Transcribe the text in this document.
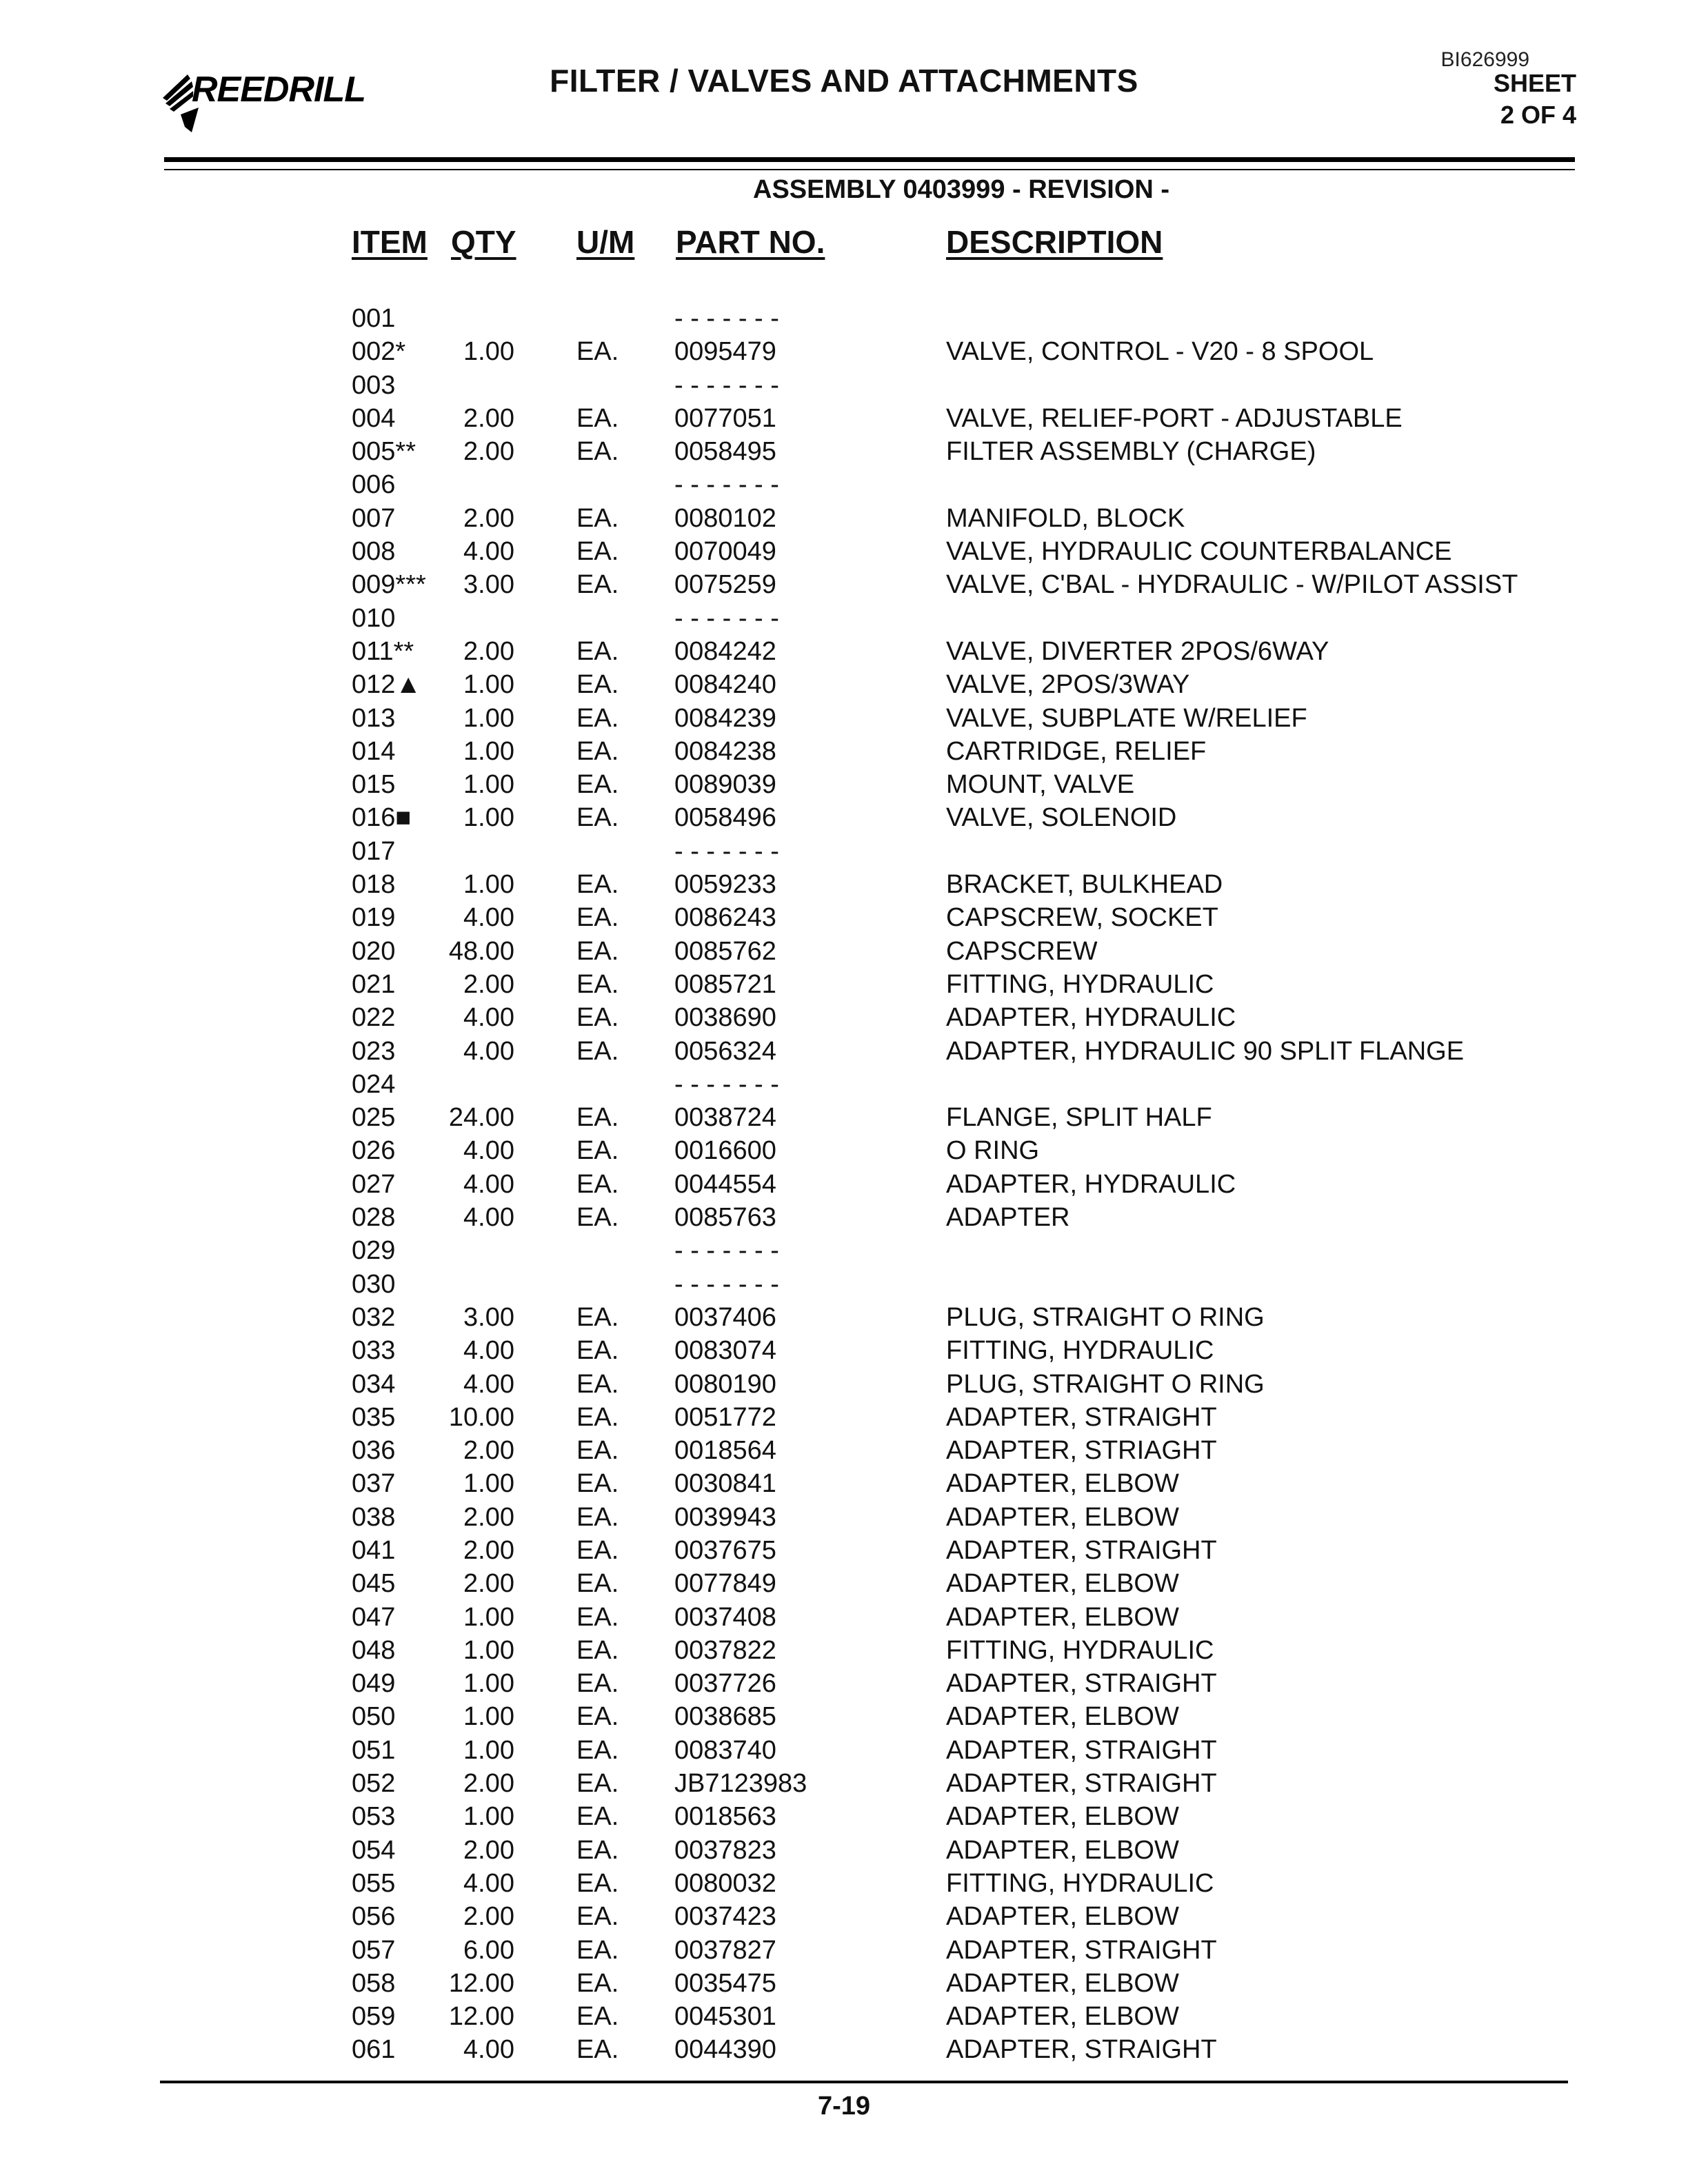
REEDRILL	FILTER / VALVES AND ATTACHMENTS
BI626999
SHEET
2 OF 4
ASSEMBLY 0403999 - REVISION -
ITEM QTY U/M PART NO.	DESCRIPTION
001	- - - - - - -
002*	1.00 EA. 0095479	VALVE, CONTROL - V20 - 8 SPOOL
003	- - - - - - -
004	2.00 EA. 0077051	VALVE, RELIEF-PORT - ADJUSTABLE
005**	2.00 EA. 0058495	FILTER ASSEMBLY (CHARGE)
006	- - - - - - -
007	2.00 EA. 0080102	MANIFOLD, BLOCK
008	4.00 EA. 0070049	VALVE, HYDRAULIC COUNTERBALANCE
009***	3.00 EA. 0075259	VALVE, C'BAL - HYDRAULIC - W/PILOT ASSIST
010	- - - - - - -
011**	2.00 EA. 0084242	VALVE, DIVERTER 2POS/6WAY
012▲	1.00 EA. 0084240	VALVE, 2POS/3WAY
013	1.00 EA. 0084239	VALVE, SUBPLATE W/RELIEF
014	1.00 EA. 0084238	CARTRIDGE, RELIEF
015	1.00 EA. 0089039	MOUNT, VALVE
016■	1.00 EA. 0058496	VALVE, SOLENOID
017	- - - - - - -
018	1.00 EA. 0059233	BRACKET, BULKHEAD
019	4.00 EA. 0086243	CAPSCREW, SOCKET
020	48.00 EA. 0085762	CAPSCREW
021	2.00 EA. 0085721	FITTING, HYDRAULIC
022	4.00 EA. 0038690	ADAPTER, HYDRAULIC
023	4.00 EA. 0056324	ADAPTER, HYDRAULIC 90 SPLIT FLANGE
024	- - - - - - -
025	24.00 EA. 0038724	FLANGE, SPLIT HALF
026	4.00 EA. 0016600	O RING
027	4.00 EA. 0044554	ADAPTER, HYDRAULIC
028	4.00 EA. 0085763	ADAPTER
029	- - - - - - -
030	- - - - - - -
032	3.00 EA. 0037406	PLUG, STRAIGHT O RING
033	4.00 EA. 0083074	FITTING, HYDRAULIC
034	4.00 EA. 0080190	PLUG, STRAIGHT O RING
035	10.00 EA. 0051772	ADAPTER, STRAIGHT
036	2.00 EA. 0018564	ADAPTER, STRIAGHT
037	1.00 EA. 0030841	ADAPTER, ELBOW
038	2.00 EA. 0039943	ADAPTER, ELBOW
041	2.00 EA. 0037675	ADAPTER, STRAIGHT
045	2.00 EA. 0077849	ADAPTER, ELBOW
047	1.00 EA. 0037408	ADAPTER, ELBOW
048	1.00 EA. 0037822	FITTING, HYDRAULIC
049	1.00 EA. 0037726	ADAPTER, STRAIGHT
050	1.00 EA. 0038685	ADAPTER, ELBOW
051	1.00 EA. 0083740	ADAPTER, STRAIGHT
052	2.00 EA. JB7123983	ADAPTER, STRAIGHT
053	1.00 EA. 0018563	ADAPTER, ELBOW
054	2.00 EA. 0037823	ADAPTER, ELBOW
055	4.00 EA. 0080032	FITTING, HYDRAULIC
056	2.00 EA. 0037423	ADAPTER, ELBOW
057	6.00 EA. 0037827	ADAPTER, STRAIGHT
058	12.00 EA. 0035475	ADAPTER, ELBOW
059	12.00 EA. 0045301	ADAPTER, ELBOW
061	4.00 EA. 0044390	ADAPTER, STRAIGHT
7-19
